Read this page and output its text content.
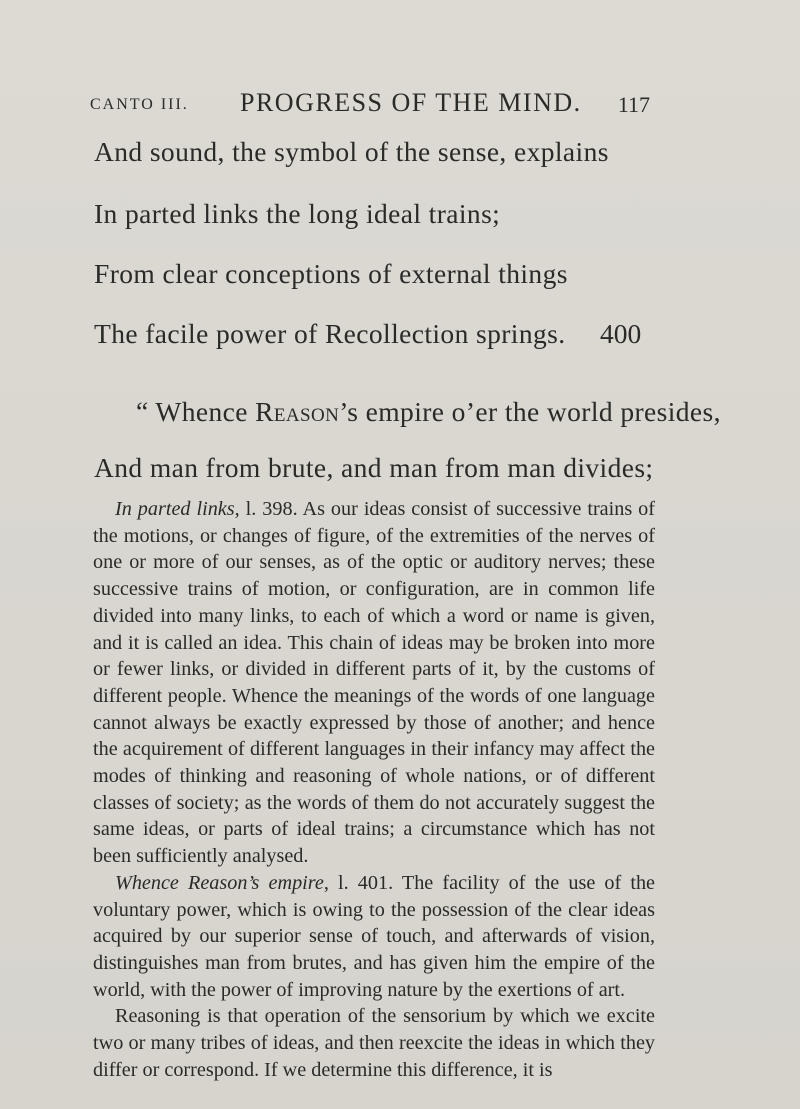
CANTO III. PROGRESS OF THE MIND. 117
And sound, the symbol of the sense, explains
In parted links the long ideal trains;
From clear conceptions of external things
The facile power of Recollection springs.	400
“ Whence Reason’s empire o’er the world presides,
And man from brute, and man from man divides;

In parted links, l. 398. As our ideas consist of successive trains of the motions, or changes of figure, of the extremities of the nerves of one or more of our senses, as of the optic or auditory nerves; these successive trains of motion, or configuration, are in common life divided into many links, to each of which a word or name is given, and it is called an idea. This chain of ideas may be broken into more or fewer links, or divided in different parts of it, by the customs of different people. Whence the meanings of the words of one language cannot always be exactly expressed by those of another; and hence the acquirement of different languages in their infancy may affect the modes of thinking and reasoning of whole nations, or of different classes of society; as the words of them do not accurately suggest the same ideas, or parts of ideal trains; a circumstance which has not been sufficiently analysed.

Whence Reason’s empire, l. 401. The facility of the use of the voluntary power, which is owing to the possession of the clear ideas acquired by our superior sense of touch, and afterwards of vision, distinguishes man from brutes, and has given him the empire of the world, with the power of improving nature by the exertions of art.

Reasoning is that operation of the sensorium by which we excite two or many tribes of ideas, and then reexcite the ideas in which they differ or correspond. If we determine this difference, it is
